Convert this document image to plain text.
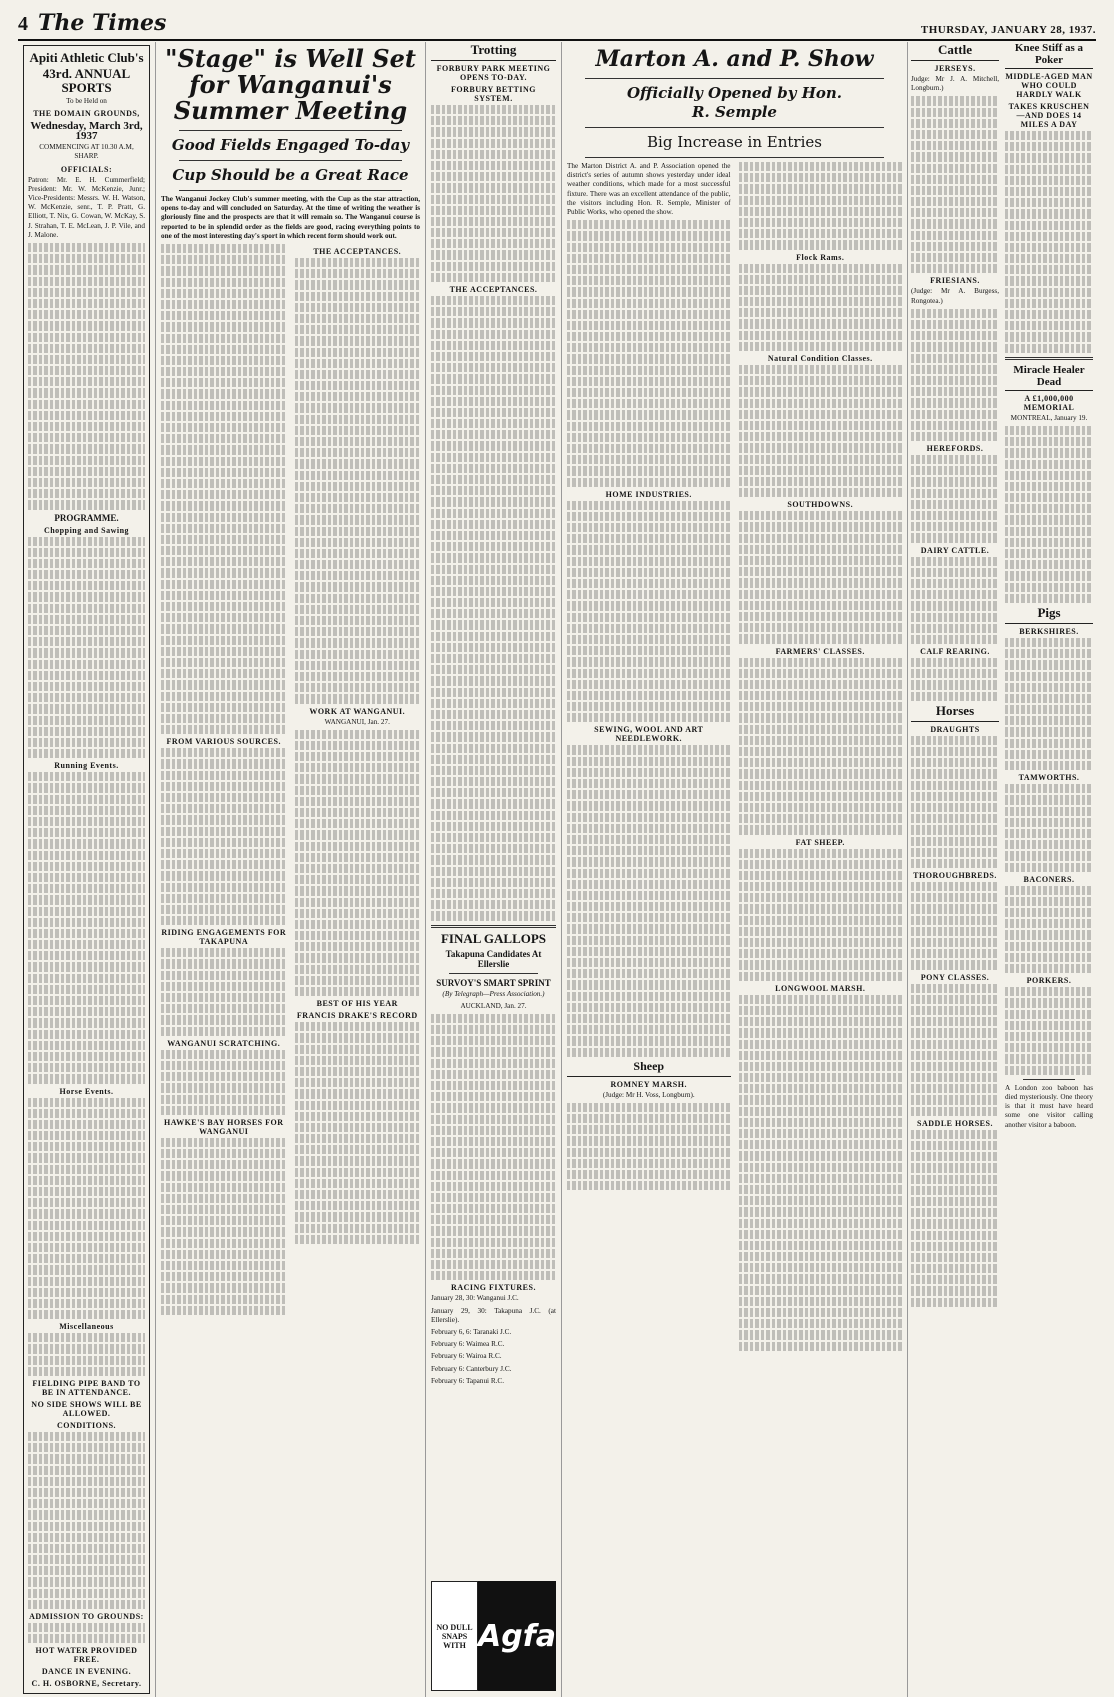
4 The Times	THURSDAY, JANUARY 28, 1937.
Apiti Athletic Club's
43rd. ANNUAL SPORTS
To be Held on
THE DOMAIN GROUNDS,
Wednesday, March 3rd, 1937
COMMENCING AT 10.30 A.M, SHARP.
OFFICIALS:
Patron: Mr. E. H. Cummerfield; President: Mr. W. McKenzie, Junr.; Vice-Presidents: Messrs. W. H. Watson, W. McKenzie, senr., T. P. Pratt, G. Elliott, T. Nix, G. Cowan, W. McKay, S. J. Strahan, T. E. McLean, J. P. Vile, and J. Malone.
PROGRAMME.
Chopping and Sawing
Running Events.
Horse Events.
Miscellaneous
FIELDING PIPE BAND TO BE IN ATTENDANCE.
NO SIDE SHOWS WILL BE ALLOWED.
CONDITIONS.
ADMISSION TO GROUNDS:
HOT WATER PROVIDED FREE.
DANCE IN EVENING.
C. H. OSBORNE, Secretary.
"Stage" is Well Set
for Wanganui's
Summer Meeting
Good Fields Engaged To-day
Cup Should be a Great Race
The Wanganui Jockey Club's summer meeting, with the Cup as the star attraction, opens to-day and will concluded on Saturday. At the time of writing the weather is gloriously fine and the prospects are that it will remain so. The Wanganui course is reported to be in splendid order as the fields are good, racing everything points to one of the most interesting day's sport in which recent form should work out.
FROM VARIOUS SOURCES.
RIDING ENGAGEMENTS FOR TAKAPUNA
WANGANUI SCRATCHING.
HAWKE'S BAY HORSES FOR WANGANUI
THE ACCEPTANCES.
WORK AT WANGANUI.
WANGANUI, Jan. 27.
BEST OF HIS YEAR
FRANCIS DRAKE'S RECORD
Trotting
FORBURY PARK MEETING OPENS TO-DAY.
FORBURY BETTING SYSTEM.
THE ACCEPTANCES.
FINAL GALLOPS
Takapuna Candidates At Ellerslie
SURVOY'S SMART SPRINT
(By Telegraph—Press Association.)
AUCKLAND, Jan. 27.
RACING FIXTURES.
January 28, 30: Wanganui J.C.
January 29, 30: Takapuna J.C. (at Ellerslie).
February 6, 6: Taranaki J.C.
February 6: Waimea R.C.
February 6: Wairoa R.C.
February 6: Canterbury J.C.
February 6: Tapanui R.C.
NO DULL SNAPS WITH Agfa
Marton A. and P. Show
Officially Opened by Hon.
R. Semple
Big Increase in Entries
The Marton District A. and P. Association opened the district's series of autumn shows yesterday under ideal weather conditions, which made for a most successful fixture. There was an excellent attendance of the public, the visitors including Hon. R. Semple, Minister of Public Works, who opened the show.
HOME INDUSTRIES.
SEWING, WOOL AND ART NEEDLEWORK.
Sheep
ROMNEY MARSH.
(Judge: Mr H. Voss, Longburn).
Flock Rams.
Natural Condition Classes.
SOUTHDOWNS.
FARMERS' CLASSES.
FAT SHEEP.
LONGWOOL MARSH.
Cattle
JERSEYS.
Judge: Mr J. A. Mitchell, Longburn.)
FRIESIANS.
(Judge: Mr A. Burgess, Rongotea.)
HEREFORDS.
DAIRY CATTLE.
CALF REARING.
Horses
DRAUGHTS
THOROUGHBREDS.
PONY CLASSES.
SADDLE HORSES.
Knee Stiff as a Poker
MIDDLE-AGED MAN WHO COULD HARDLY WALK
TAKES KRUSCHEN—AND DOES 14 MILES A DAY
Miracle Healer Dead
A £1,000,000 MEMORIAL
MONTREAL, January 19.
Pigs
BERKSHIRES.
TAMWORTHS.
BACONERS.
PORKERS.
A London zoo baboon has died mysteriously. One theory is that it must have heard some one visitor calling another visitor a baboon.
